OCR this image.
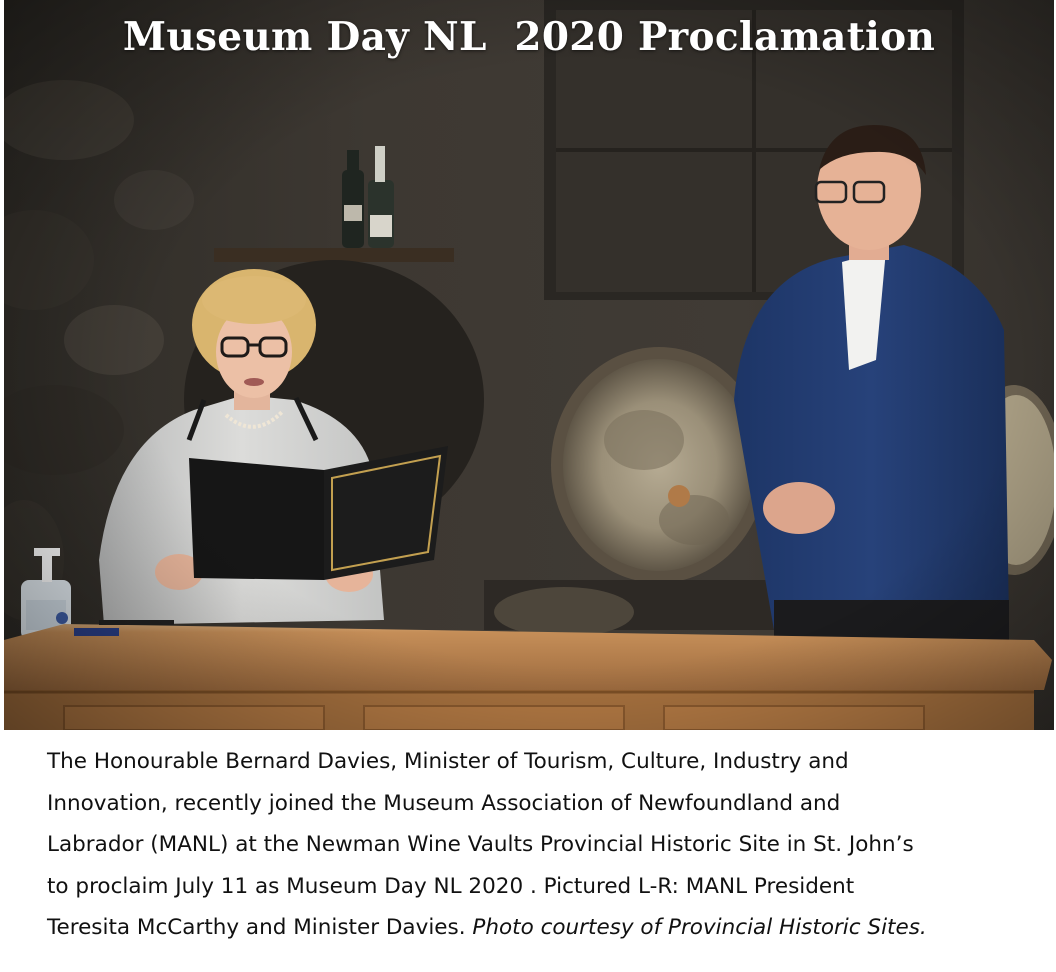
Museum Day NL  2020 Proclamation
The Honourable Bernard Davies, Minister of Tourism, Culture, Industry and
Innovation, recently joined the Museum Association of Newfoundland and
Labrador (MANL) at the Newman Wine Vaults Provincial Historic Site in St. John’s
to proclaim July 11 as Museum Day NL 2020 . Pictured L-R: MANL President
Teresita McCarthy and Minister Davies. Photo courtesy of Provincial Historic Sites.
